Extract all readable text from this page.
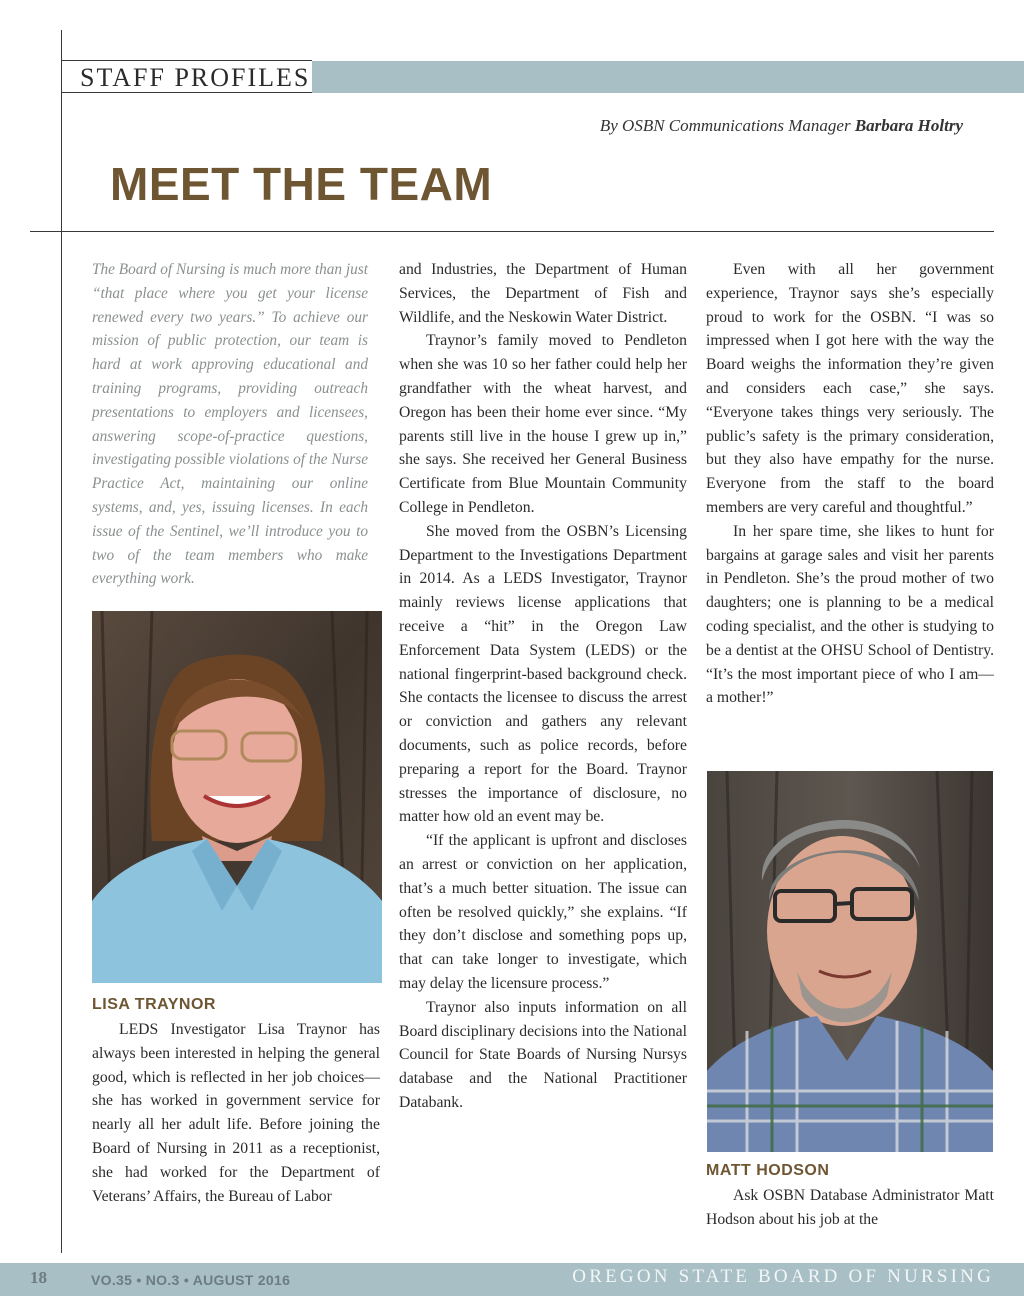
STAFF PROFILES
By OSBN Communications Manager Barbara Holtry
MEET THE TEAM
The Board of Nursing is much more than just “that place where you get your license renewed every two years.” To achieve our mission of public protection, our team is hard at work approving educational and training programs, providing outreach presentations to employers and licensees, answering scope-of-practice questions, investigating possible violations of the Nurse Practice Act, maintaining our online systems, and, yes, issuing licenses. In each issue of the Sentinel, we’ll introduce you to two of the team members who make everything work.
LISA TRAYNOR

LEDS Investigator Lisa Traynor has always been interested in helping the general good, which is reflected in her job choices—she has worked in government service for nearly all her adult life. Before joining the Board of Nursing in 2011 as a receptionist, she had worked for the Department of Veterans’ Affairs, the Bureau of Labor

and Industries, the Department of Human Services, the Department of Fish and Wildlife, and the Neskowin Water District.

Traynor’s family moved to Pendleton when she was 10 so her father could help her grandfather with the wheat harvest, and Oregon has been their home ever since. “My parents still live in the house I grew up in,” she says. She received her General Business Certificate from Blue Mountain Community College in Pendleton.

She moved from the OSBN’s Licensing Department to the Investigations Department in 2014. As a LEDS Investigator, Traynor mainly reviews license applications that receive a “hit” in the Oregon Law Enforcement Data System (LEDS) or the national fingerprint-based background check. She contacts the licensee to discuss the arrest or conviction and gathers any relevant documents, such as police records, before preparing a report for the Board. Traynor stresses the importance of disclosure, no matter how old an event may be.

“If the applicant is upfront and discloses an arrest or conviction on her application, that’s a much better situation. The issue can often be resolved quickly,” she explains. “If they don’t disclose and something pops up, that can take longer to investigate, which may delay the licensure process.”

Traynor also inputs information on all Board disciplinary decisions into the National Council for State Boards of Nursing Nursys database and the National Practitioner Databank.

Even with all her government experience, Traynor says she’s especially proud to work for the OSBN. “I was so impressed when I got here with the way the Board weighs the information they’re given and considers each case,” she says. “Everyone takes things very seriously. The public’s safety is the primary consideration, but they also have empathy for the nurse. Everyone from the staff to the board members are very careful and thoughtful.”

In her spare time, she likes to hunt for bargains at garage sales and visit her parents in Pendleton. She’s the proud mother of two daughters; one is planning to be a medical coding specialist, and the other is studying to be a dentist at the OHSU School of Dentistry. “It’s the most important piece of who I am—a mother!”

MATT HODSON

Ask OSBN Database Administrator Matt Hodson about his job at the

18	VO.35 • NO.3 • AUGUST 2016	OREGON STATE BOARD OF NURSING
